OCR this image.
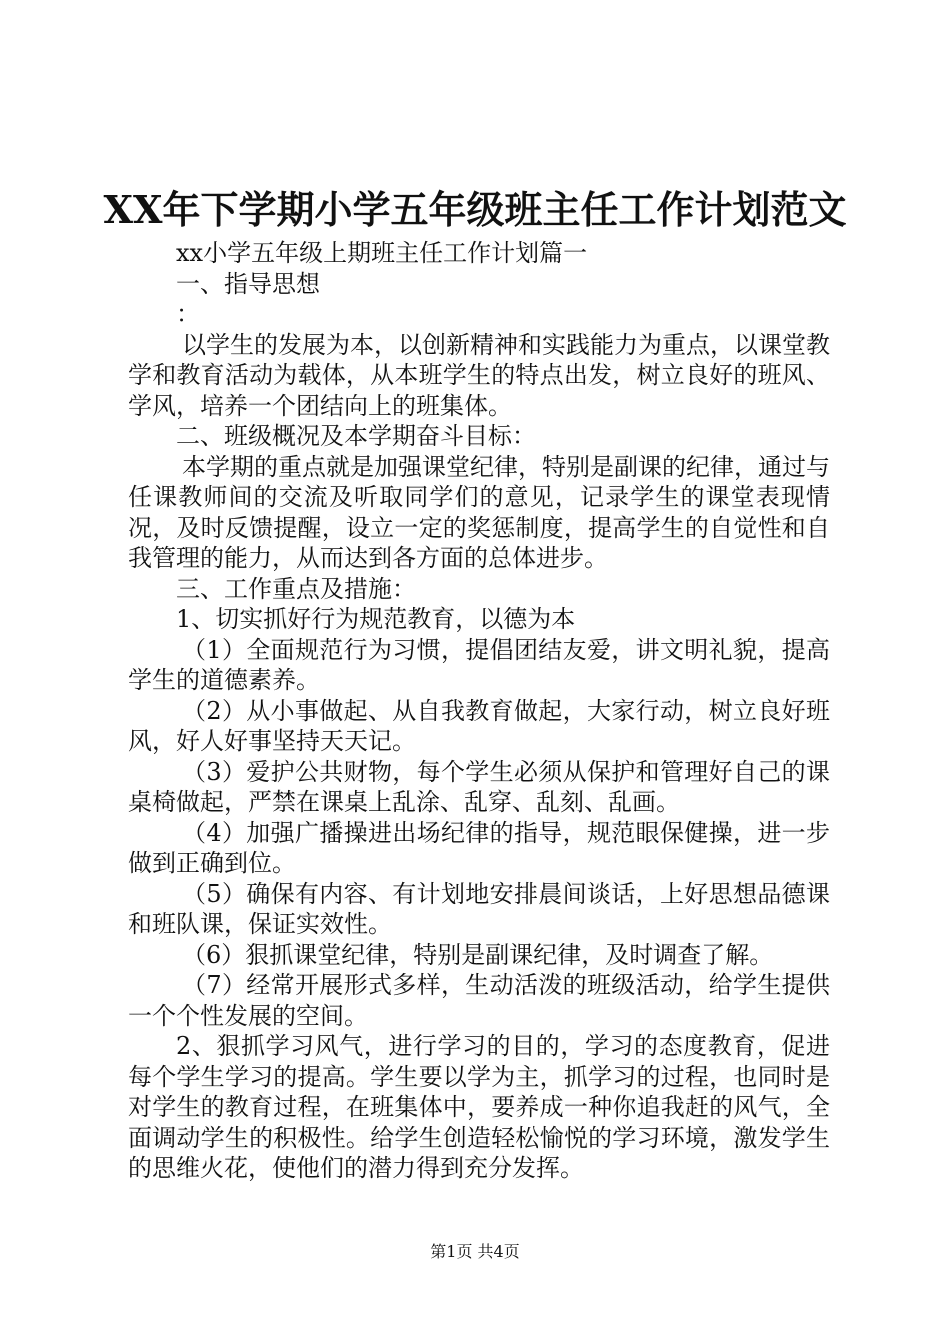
XX年下学期小学五年级班主任工作计划范文

xx小学五年级上期班主任工作计划篇一

一、指导思想

：

以学生的发展为本，以创新精神和实践能力为重点，以课堂教学和教育活动为载体，从本班学生的特点出发，树立良好的班风、学风，培养一个团结向上的班集体。

二、班级概况及本学期奋斗目标：

本学期的重点就是加强课堂纪律，特别是副课的纪律，通过与任课教师间的交流及听取同学们的意见，记录学生的课堂表现情况，及时反馈提醒，设立一定的奖惩制度，提高学生的自觉性和自我管理的能力，从而达到各方面的总体进步。

三、工作重点及措施：

1、切实抓好行为规范教育，以德为本

（1）全面规范行为习惯，提倡团结友爱，讲文明礼貌，提高学生的道德素养。

（2）从小事做起、从自我教育做起，大家行动，树立良好班风，好人好事坚持天天记。

（3）爱护公共财物，每个学生必须从保护和管理好自己的课桌椅做起，严禁在课桌上乱涂、乱穿、乱刻、乱画。

（4）加强广播操进出场纪律的指导，规范眼保健操，进一步做到正确到位。

（5）确保有内容、有计划地安排晨间谈话，上好思想品德课和班队课，保证实效性。

（6）狠抓课堂纪律，特别是副课纪律，及时调查了解。

（7）经常开展形式多样，生动活泼的班级活动，给学生提供一个个性发展的空间。

2、狠抓学习风气，进行学习的目的，学习的态度教育，促进每个学生学习的提高。学生要以学为主，抓学习的过程，也同时是对学生的教育过程，在班集体中，要养成一种你追我赶的风气，全面调动学生的积极性。给学生创造轻松愉悦的学习环境，激发学生的思维火花，使他们的潜力得到充分发挥。

第1页 共4页
